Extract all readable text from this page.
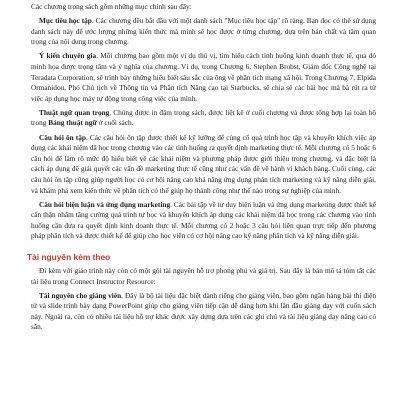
Các chương trong sách gồm những mục chính sau đây:

Mục tiêu học tập. Các chương đều bắt đầu với một danh sách "Mục tiêu học tập" rõ ràng. Bạn đọc có thể sử dụng danh sách này để ước lượng những kiến thức mà mình sẽ học được ở từng chương, dựa trên bản chất và tầm quan trọng của nội dung trong chương.

Ý kiến chuyên gia. Mỗi chương bao gồm một vị dụ thú vị, tìm hiểu cách tình huống kinh doanh thực tế, qua đó minh họa được trọng tâm và ý nghĩa của chương. Ví dụ, trong Chương 6, Stephen Brobst, Giám đốc Công nghệ tại Teradata Corporation, sẽ trình bày những hiểu biết sâu sắc của ông về phân tích mạng xã hội. Trong Chương 7, Elpida Ormanidou, Phó Chủ tịch về Thông tin và Phân tích Nâng cao tại Starbucks, sẽ chia sẻ các bài học mà bà rút ra từ việc áp dụng học máy tự động trong công việc của mình.

Thuật ngữ quan trọng. Chúng được in đậm trong sách, được liệt kê ở cuối chương và được tổng hợp lại toàn bộ trong Bảng thuật ngữ ở cuối sách.

Câu hỏi ôn tập. Các câu hỏi ôn tập được thiết kế kỹ lưỡng để củng cố quá trình học tập và khuyến khích việc áp dụng các khái niệm đã học trong chương vào các tình huống ra quyết định marketing thực tế. Mỗi chương có 5 hoặc 6 câu hỏi để làm rõ mức độ hiểu biết về các khái niệm và phương pháp được giới thiệu trong chương, và đặc biệt là cách áp dụng để giải quyết các vấn đề marketing thực tế cũng như các vấn đề về hành vi khách hàng. Cuối cùng, các câu hỏi ôn tập cũng giúp người học có cơ hội nâng cao khả năng ứng dụng phân tích marketing và kỹ năng diễn giải, và khám phá xem kiến thức về phân tích có thể giúp họ thành công như thế nào trong sự nghiệp của mình.

Câu hỏi biện luận và ứng dụng marketing. Các bài tập về tư duy biện luận và ứng dụng marketing được thiết kế cẩn thận nhằm tăng cường quá trình tự học và khuyến khích áp dụng các khái niệm đã học trong các chương vào tình huống cần đưa ra quyết định kinh doanh thực tế. Mỗi chương có 2 hoặc 3 câu hỏi liên quan trực tiếp đến phương pháp phân tích và được thiết kế để giúp cho học viên có cơ hội nâng cao kỹ năng phân tích và kỹ năng diễn giải.

Tài nguyên kèm theo

Đi kèm với giáo trình này còn có một gói tài nguyên hỗ trợ phong phú và giá trị. Sau đây là bản mô tả tóm tắt các tài liệu trong Connect Instructor Resource:

Tài nguyên cho giảng viên. Đây là bộ tài liệu đặc biệt dành riêng cho giảng viên, bao gồm ngân hàng bài thi điện tử và slide trình bày dạng PowerPoint giúp cho giảng viên tiếp cận dễ dàng hơn khi lần đầu giảng dạy với cuốn sách này. Ngoài ra, còn có nhiều tài liệu hỗ trợ khác được xây dựng dựa trên các ghi chú và tài liệu giảng dạy nâng cao có sẵn.
